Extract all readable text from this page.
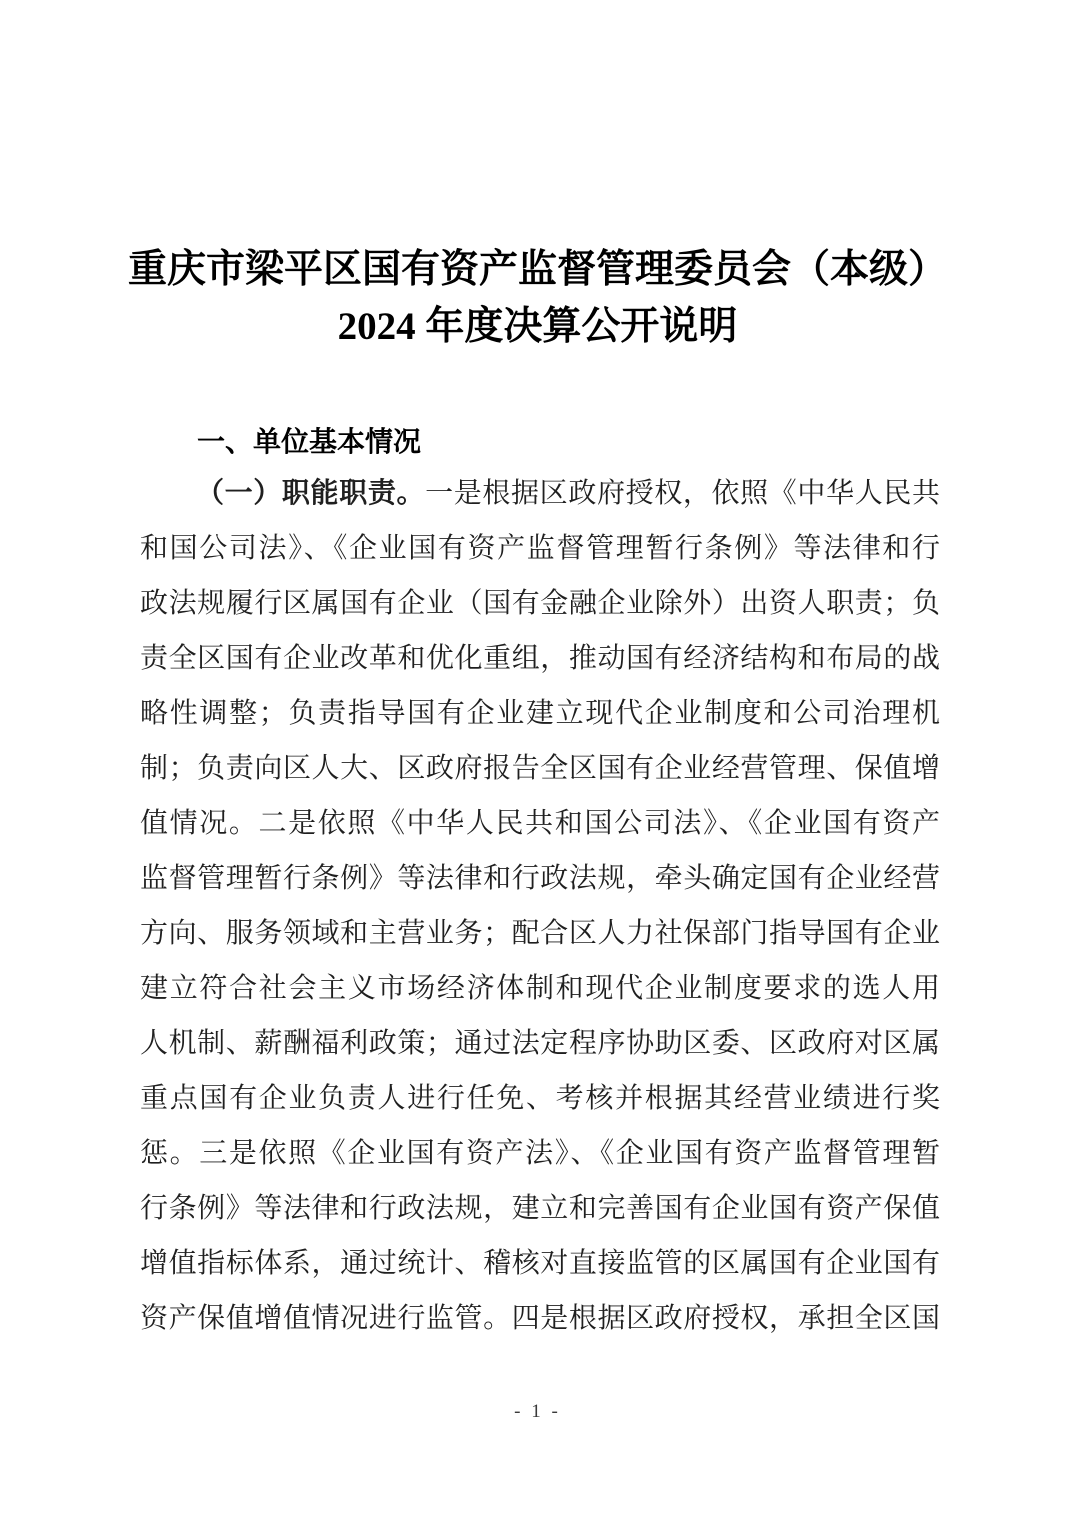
重庆市梁平区国有资产监督管理委员会（本级）
2024 年度决算公开说明
一、单位基本情况
（一）职能职责。一是根据区政府授权，依照《中华人民共
和国公司法》、《企业国有资产监督管理暂行条例》等法律和行
政法规履行区属国有企业（国有金融企业除外）出资人职责；负
责全区国有企业改革和优化重组，推动国有经济结构和布局的战
略性调整；负责指导国有企业建立现代企业制度和公司治理机
制；负责向区人大、区政府报告全区国有企业经营管理、保值增
值情况。二是依照《中华人民共和国公司法》、《企业国有资产
监督管理暂行条例》等法律和行政法规，牵头确定国有企业经营
方向、服务领域和主营业务；配合区人力社保部门指导国有企业
建立符合社会主义市场经济体制和现代企业制度要求的选人用
人机制、薪酬福利政策；通过法定程序协助区委、区政府对区属
重点国有企业负责人进行任免、考核并根据其经营业绩进行奖
惩。三是依照《企业国有资产法》、《企业国有资产监督管理暂
行条例》等法律和行政法规，建立和完善国有企业国有资产保值
增值指标体系，通过统计、稽核对直接监管的区属国有企业国有
资产保值增值情况进行监管。四是根据区政府授权，承担全区国
- 1 -
